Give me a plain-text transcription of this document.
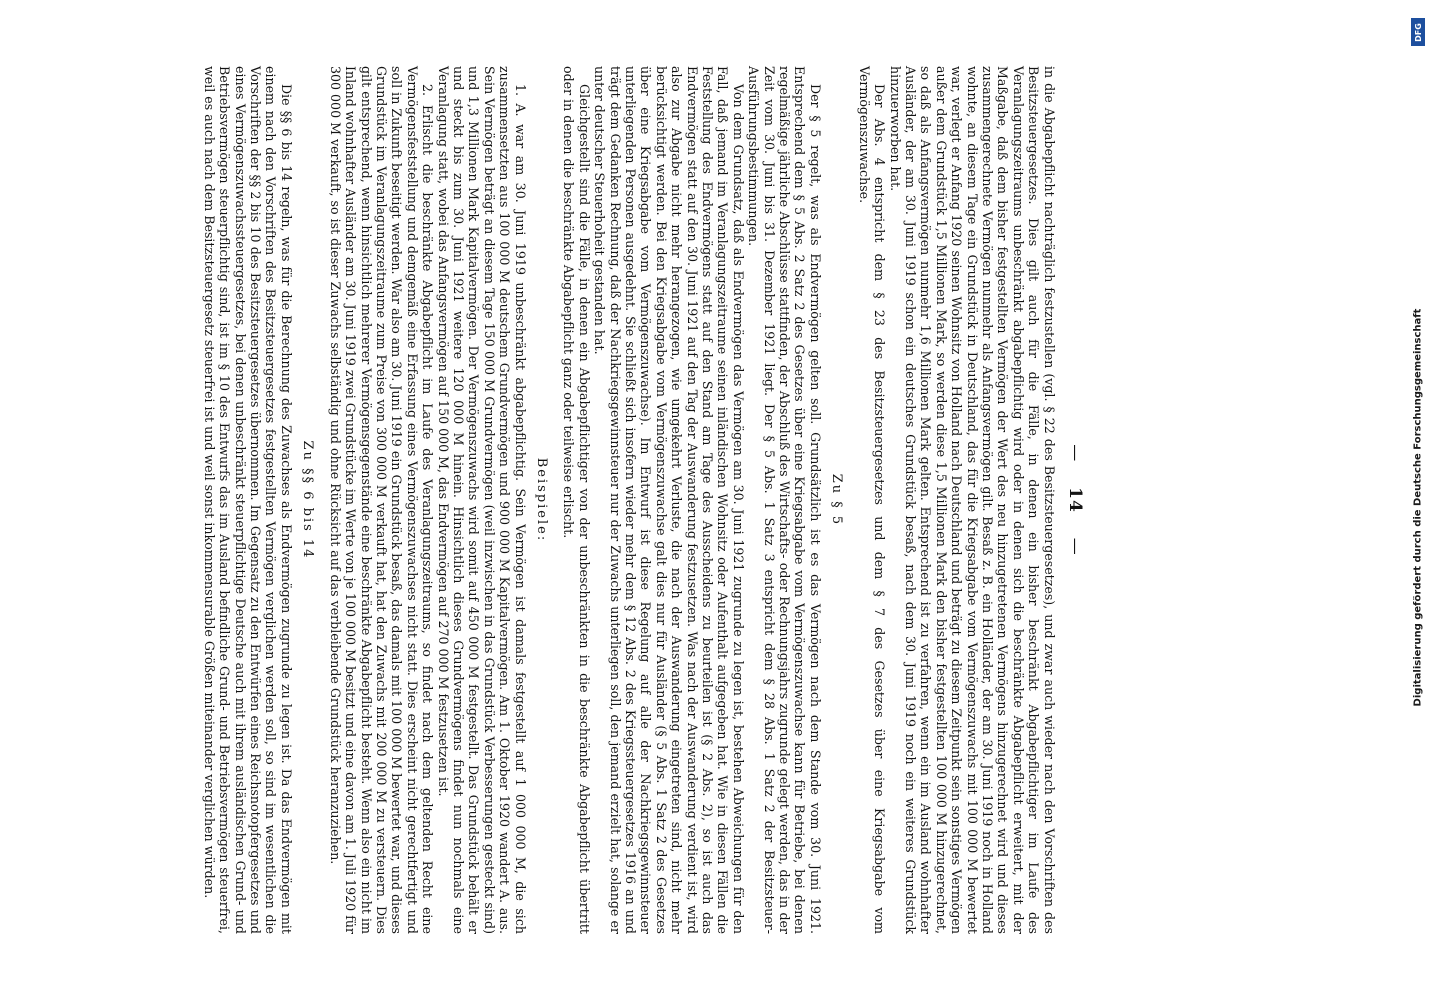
— 14 —

in die Abgabepflicht nachträglich festzustellen (vgl. § 22 des Besitzsteuergesetzes), und zwar auch wieder nach den Vorschriften des Besitzsteuergesetzes. Dies gilt auch für die Fälle, in denen ein bisher beschränkt Abgabepflichtiger im Laufe des Veranlagungszeitraums unbeschränkt abgabepflichtig wird oder in denen sich die beschränkte Abgabepflicht erweitert, mit der Maßgabe, daß dem bisher festgestellten Vermögen der Wert des neu hinzugetretenen Vermögens hinzugerechnet wird und dieses zusammengerechnete Vermögen nunmehr als Anfangsvermögen gilt. Besaß z. B. ein Holländer, der am 30. Juni 1919 noch in Holland wohnte, an diesem Tage ein Grundstück in Deutschland, das für die Kriegsabgabe vom Vermögenszuwachs mit 100 000 M bewertet war, verlegt er Anfang 1920 seinen Wohnsitz von Holland nach Deutschland und beträgt zu diesem Zeitpunkt sein sonstiges Vermögen außer dem Grundstück 1,5 Millionen Mark, so werden diese 1,5 Millionen Mark den bisher festgestellten 100 000 M hinzugerechnet, so daß als Anfangsvermögen nunmehr 1,6 Millionen Mark gelten. Entsprechend ist zu verfahren, wenn ein im Ausland wohnhafter Ausländer, der am 30. Juni 1919 schon ein deutsches Grundstück besaß, nach dem 30. Juni 1919 noch ein weiteres Grundstück hinzuerworben hat.

Der Abs. 4 entspricht dem § 23 des Besitzsteuergesetzes und dem § 7 des Gesetzes über eine Kriegsabgabe vom Vermögenszuwachse.

Zu § 5

Der § 5 regelt, was als Endvermögen gelten soll. Grundsätzlich ist es das Vermögen nach dem Stande vom 30. Juni 1921. Entsprechend dem § 5 Abs. 2 Satz 2 des Gesetzes über eine Kriegsabgabe vom Vermögenszuwachse kann für Betriebe, bei denen regelmäßige jährliche Abschlüsse stattfinden, der Abschluß des Wirtschafts- oder Rechnungsjahrs zugrunde gelegt werden, das in der Zeit vom 30. Juni bis 31. Dezember 1921 liegt. Der § 5 Abs. 1 Satz 3 entspricht dem § 28 Abs. 1 Satz 2 der Besitzsteuer-Ausführungsbestimmungen.

Von dem Grundsatz, daß als Endvermögen das Vermögen am 30. Juni 1921 zugrunde zu legen ist, bestehen Abweichungen für den Fall, daß jemand im Veranlagungszeitraume seinen inländischen Wohnsitz oder Aufenthalt aufgegeben hat. Wie in diesen Fällen die Feststellung des Endvermögens statt auf den Stand am Tage des Ausscheidens zu beurteilen ist (§ 2 Abs. 2), so ist auch das Endvermögen statt auf den 30. Juni 1921 auf den Tag der Auswanderung festzusetzen. Was nach der Auswanderung verdient ist, wird also zur Abgabe nicht mehr herangezogen, wie umgekehrt Verluste, die nach der Auswanderung eingetreten sind, nicht mehr berücksichtigt werden. Bei den Kriegsabgabe vom Vermögenszuwachse galt dies nur für Ausländer (§ 5 Abs. 1 Satz 2 des Gesetzes über eine Kriegsabgabe vom Vermögenszuwachse). Im Entwurf ist diese Regelung auf alle der Nachkriegsgewinnsteuer unterliegenden Personen ausgedehnt. Sie schließt sich insofern wieder mehr dem § 12 Abs. 2 des Kriegssteuergesetzes 1916 an und trägt dem Gedanken Rechnung, daß der Nachkriegsgewinnsteuer nur der Zuwachs unterliegen soll, den jemand erzielt hat, solange er unter deutscher Steuerhoheit gestanden hat.

Gleichgestellt sind die Fälle, in denen ein Abgabepflichtiger von der unbeschränkten in die beschränkte Abgabepflicht übertritt oder in denen die beschränkte Abgabepflicht ganz oder teilweise erlischt.

Beispiele:

1. A. war am 30. Juni 1919 unbeschränkt abgabepflichtig. Sein Vermögen ist damals festgestellt auf 1 000 000 M, die sich zusammensetzten aus 100 000 M deutschem Grundvermögen und 900 000 M Kapitalvermögen. Am 1. Oktober 1920 wandert A. aus. Sein Vermögen beträgt an diesem Tage 150 000 M Grundvermögen (weil inzwischen in das Grundstück Verbesserungen gesteckt sind) und 1,3 Millionen Mark Kapitalvermögen. Der Vermögenszuwachs wird somit auf 450 000 M festgestellt. Das Grundstück behält er und steckt bis zum 30. Juni 1921 weitere 120 000 M hinein. Hinsichtlich dieses Grundvermögens findet nun nochmals eine Veranlagung statt, wobei das Anfangsvermögen auf 150 000 M, das Endvermögen auf 270 000 M festzusetzen ist.

2. Erlischt die beschränkte Abgabepflicht im Laufe des Veranlagungszeitraums, so findet nach dem geltenden Recht eine Vermögensfeststellung und demgemäß eine Erfassung eines Vermögenszuwachses nicht statt. Dies erscheint nicht gerechtfertigt und soll in Zukunft beseitigt werden. War also am 30. Juni 1919 ein Grundstück besaß, das damals mit 100 000 M bewertet war, und dieses Grundstück im Veranlagungszeitraume zum Preise von 300 000 M verkauft hat, hat den Zuwachs mit 200 000 M zu versteuern. Dies gilt entsprechend, wenn hinsichtlich mehrerer Vermögensgegenstände eine beschränkte Abgabepflicht besteht. Wenn also ein nicht im Inland wohnhafter Ausländer am 30. Juni 1919 zwei Grundstücke im Werte von je 100 000 M besitzt und eine davon am 1. Juli 1920 für 300 000 M verkauft, so ist dieser Zuwachs selbständig und ohne Rücksicht auf das verbleibende Grundstück heranzuziehen.

Zu §§ 6 bis 14

Die §§ 6 bis 14 regeln, was für die Berechnung des Zuwachses als Endvermögen zugrunde zu legen ist. Da das Endvermögen mit einem nach den Vorschriften des Besitzsteuergesetzes festgestellten Vermögen verglichen werden soll, so sind im wesentlichen die Vorschriften der §§ 2 bis 10 des Besitzsteuergesetzes übernommen. Im Gegensatz zu den Entwürfen eines Reichsnotopfergesetzes und eines Vermögenszuwachssteuergesetzes, bei denen unbeschränkt steuerpflichtige Deutsche auch mit ihrem ausländischen Grund- und Betriebsvermögen steuerpflichtig sind, ist im § 10 des Entwurfs das im Ausland befindliche Grund- und Betriebsvermögen steuerfrei, weil es auch nach dem Besitzsteuergesetz steuerfrei ist und weil sonst inkommensurable Größen miteinander verglichen würden.

DFG
Digitalisierung gefördert durch die Deutsche Forschungsgemeinschaft
